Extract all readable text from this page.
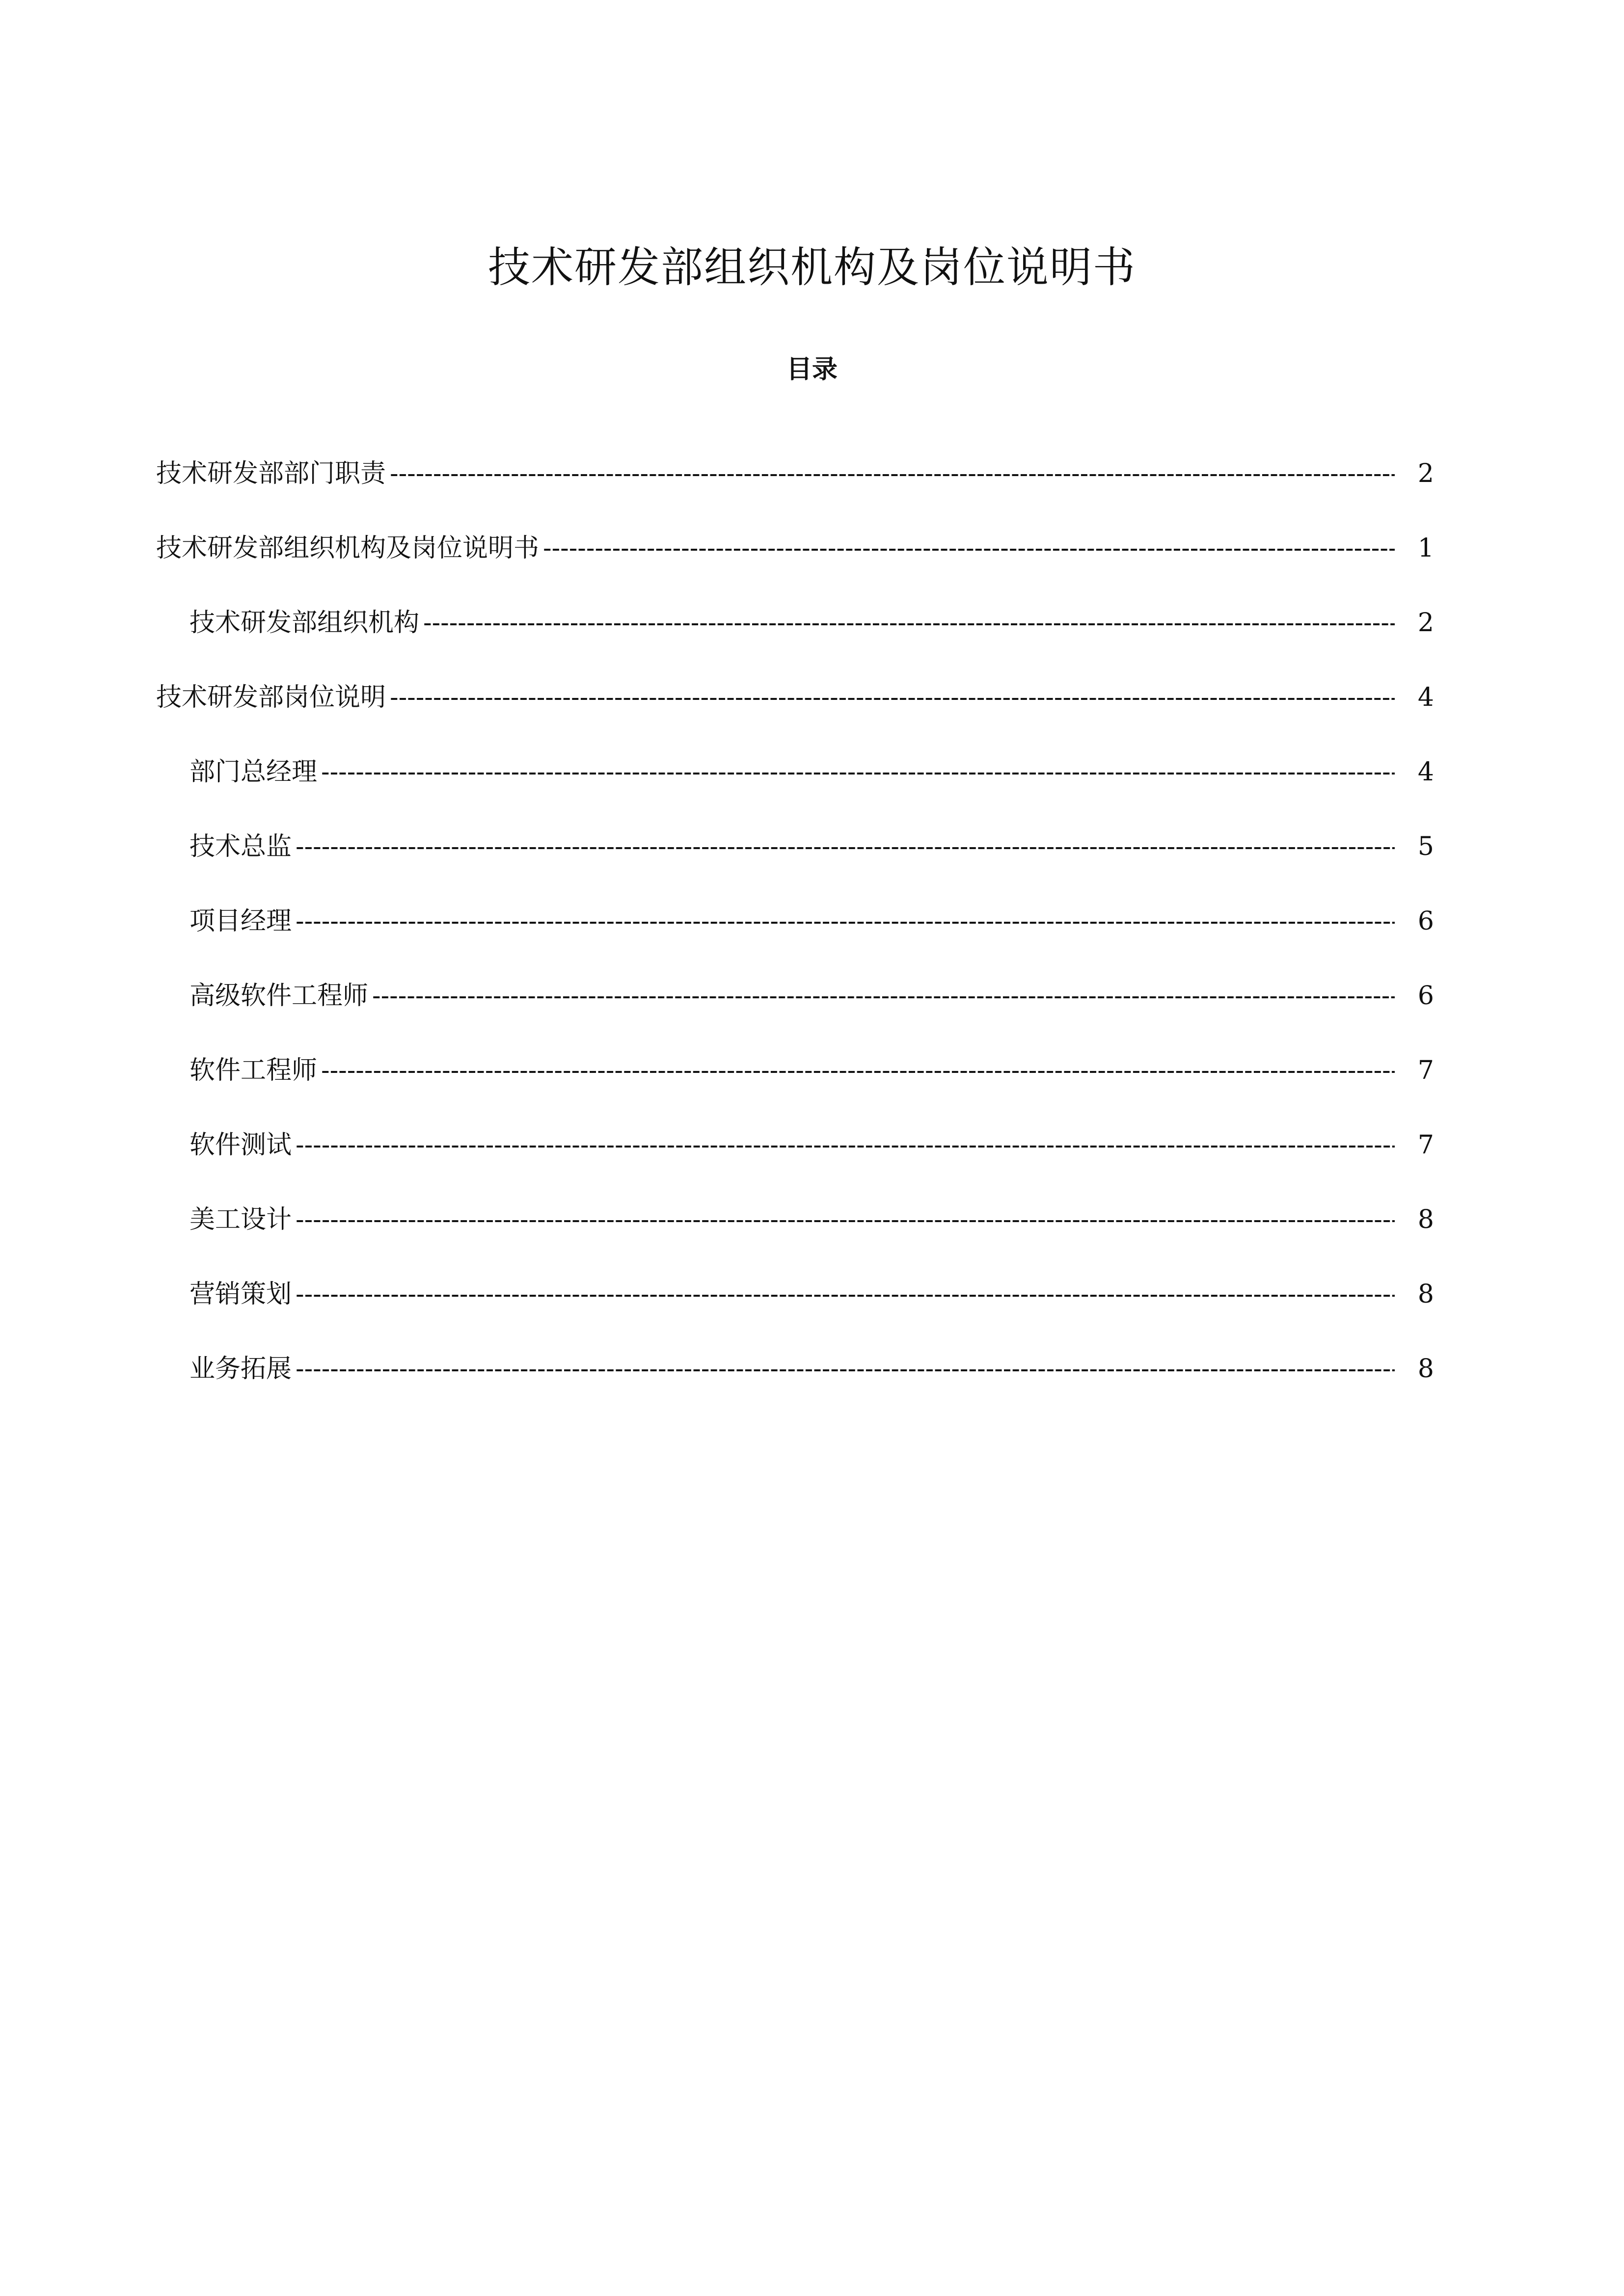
技术研发部组织机构及岗位说明书
目录
技术研发部部门职责 -----	2
技术研发部组织机构及岗位说明书 -----	1
技术研发部组织机构 -----	2
技术研发部岗位说明 -----	4
部门总经理 -----	4
技术总监 -----	5
项目经理 -----	6
高级软件工程师 -----	6
软件工程师 -----	7
软件测试 -----	7
美工设计 -----	8
营销策划 -----	8
业务拓展 -----	8
